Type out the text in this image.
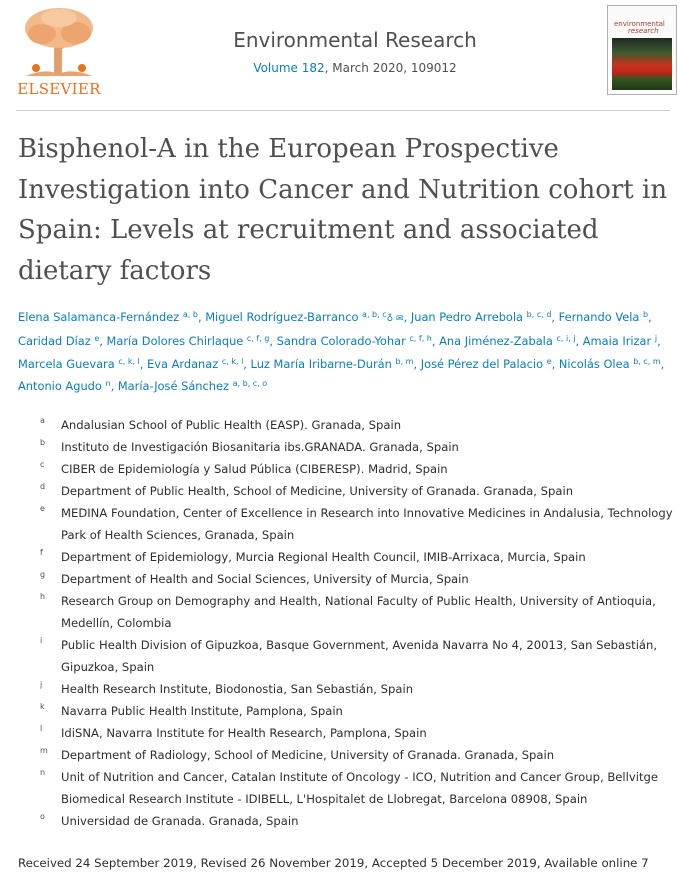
ELSEVIER
Environmental Research
Volume 182, March 2020, 109012
environmental
research
Bisphenol-A in the European Prospective Investigation into Cancer and Nutrition cohort in Spain: Levels at recruitment and associated dietary factors
Elena Salamanca-Fernández $^{a, b}$, Miguel Rodríguez-Barranco $^{a, b, c}$♁ ✉, Juan Pedro Arrebola $^{b, c, d}$, Fernando Vela $^b$, Caridad Díaz $^e$, María Dolores Chirlaque $^{c, f, g}$, Sandra Colorado-Yohar $^{c, f, h}$, Ana Jiménez-Zabala $^{c, i, j}$, Amaia Irizar $^j$, Marcela Guevara $^{c, k, l}$, Eva Ardanaz $^{c, k, l}$, Luz María Iribarne-Durán $^{b, m}$, José Pérez del Palacio $^e$, Nicolás Olea $^{b, c, m}$, Antonio Agudo $^n$, María-José Sánchez $^{a, b, c, o}$
a Andalusian School of Public Health (EASP). Granada, Spain
b Instituto de Investigación Biosanitaria ibs.GRANADA. Granada, Spain
c CIBER de Epidemiología y Salud Pública (CIBERESP). Madrid, Spain
d Department of Public Health, School of Medicine, University of Granada. Granada, Spain
e MEDINA Foundation, Center of Excellence in Research into Innovative Medicines in Andalusia, Technology Park of Health Sciences, Granada, Spain
f Department of Epidemiology, Murcia Regional Health Council, IMIB-Arrixaca, Murcia, Spain
g Department of Health and Social Sciences, University of Murcia, Spain
h Research Group on Demography and Health, National Faculty of Public Health, University of Antioquia, Medellín, Colombia
i Public Health Division of Gipuzkoa, Basque Government, Avenida Navarra No 4, 20013, San Sebastián, Gipuzkoa, Spain
j Health Research Institute, Biodonostia, San Sebastián, Spain
k Navarra Public Health Institute, Pamplona, Spain
l IdiSNA, Navarra Institute for Health Research, Pamplona, Spain
m Department of Radiology, School of Medicine, University of Granada. Granada, Spain
n Unit of Nutrition and Cancer, Catalan Institute of Oncology - ICO, Nutrition and Cancer Group, Bellvitge Biomedical Research Institute - IDIBELL, L'Hospitalet de Llobregat, Barcelona 08908, Spain
o Universidad de Granada. Granada, Spain
Received 24 September 2019, Revised 26 November 2019, Accepted 5 December 2019, Available online 7
